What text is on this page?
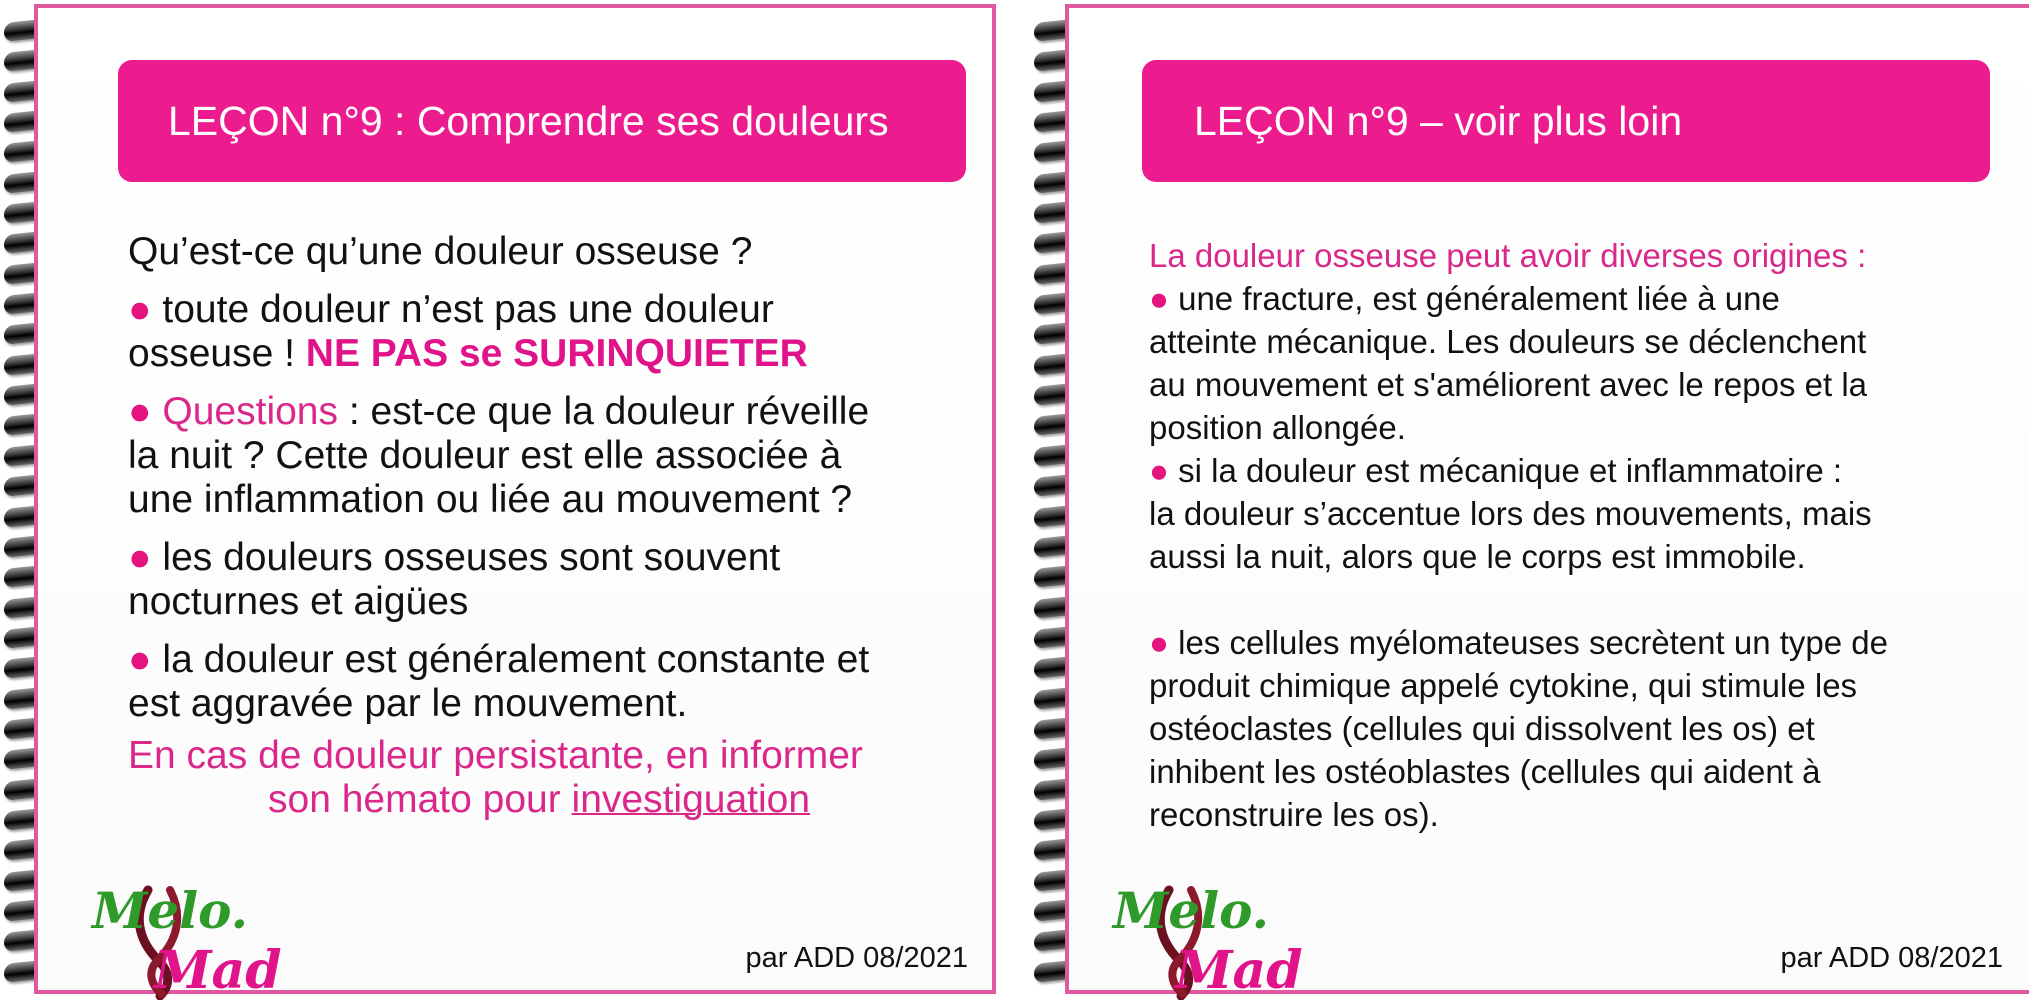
LEÇON n°9 : Comprendre ses douleurs
Qu’est-ce qu’une douleur osseuse ?
● toute douleur n’est pas une douleur
osseuse ! NE PAS se SURINQUIETER
● Questions : est-ce que la douleur réveille
la nuit ? Cette douleur est elle associée à
une inflammation ou liée au mouvement ?
● les douleurs osseuses sont souvent
nocturnes et aigües
● la douleur est généralement constante et
est aggravée par le mouvement.
En cas de douleur persistante, en informer
son hémato pour investiguation
Melo.
Mad	par ADD 08/2021
LEÇON n°9 – voir plus loin
La douleur osseuse peut avoir diverses origines :
● une fracture, est généralement liée à une
atteinte mécanique. Les douleurs se déclenchent
au mouvement et s'améliorent avec le repos et la
position allongée.
● si la douleur est mécanique et inflammatoire :
la douleur s’accentue lors des mouvements, mais
aussi la nuit, alors que le corps est immobile.
● les cellules myélomateuses secrètent un type de
produit chimique appelé cytokine, qui stimule les
ostéoclastes (cellules qui dissolvent les os) et
inhibent les ostéoblastes (cellules qui aident à
reconstruire les os).
Melo.
Mad	par ADD 08/2021
